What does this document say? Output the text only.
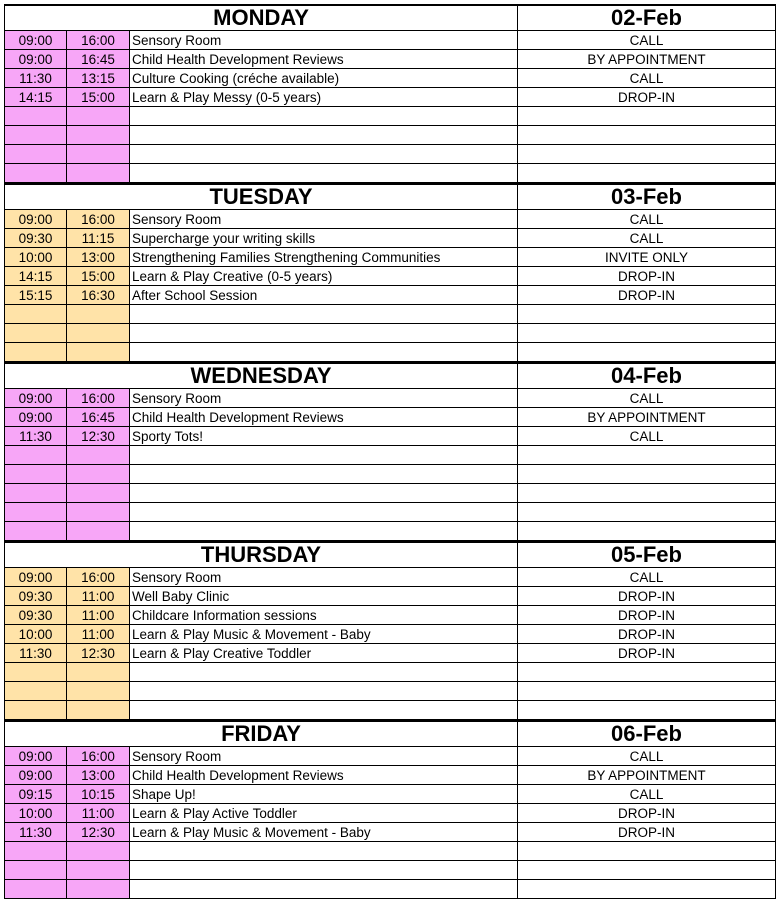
MONDAY			02-Feb
09:00	16:00	Sensory Room	CALL
09:00	16:45	Child Health Development Reviews	BY APPOINTMENT
11:30	13:15	Culture Cooking (créche available)	CALL
14:15	15:00	Learn & Play Messy (0-5 years)	DROP-IN

TUESDAY			03-Feb
09:00	16:00	Sensory Room	CALL
09:30	11:15	Supercharge your writing skills	CALL
10:00	13:00	Strengthening Families Strengthening Communities	INVITE ONLY
14:15	15:00	Learn & Play Creative (0-5 years)	DROP-IN
15:15	16:30	After School Session	DROP-IN

WEDNESDAY			04-Feb
09:00	16:00	Sensory Room	CALL
09:00	16:45	Child Health Development Reviews	BY APPOINTMENT
11:30	12:30	Sporty Tots!	CALL

THURSDAY			05-Feb
09:00	16:00	Sensory Room	CALL
09:30	11:00	Well Baby Clinic	DROP-IN
09:30	11:00	Childcare Information sessions	DROP-IN
10:00	11:00	Learn & Play Music & Movement - Baby	DROP-IN
11:30	12:30	Learn & Play Creative Toddler	DROP-IN

FRIDAY			06-Feb
09:00	16:00	Sensory Room	CALL
09:00	13:00	Child Health Development Reviews	BY APPOINTMENT
09:15	10:15	Shape Up!	CALL
10:00	11:00	Learn & Play Active Toddler	DROP-IN
11:30	12:30	Learn & Play Music & Movement - Baby	DROP-IN
